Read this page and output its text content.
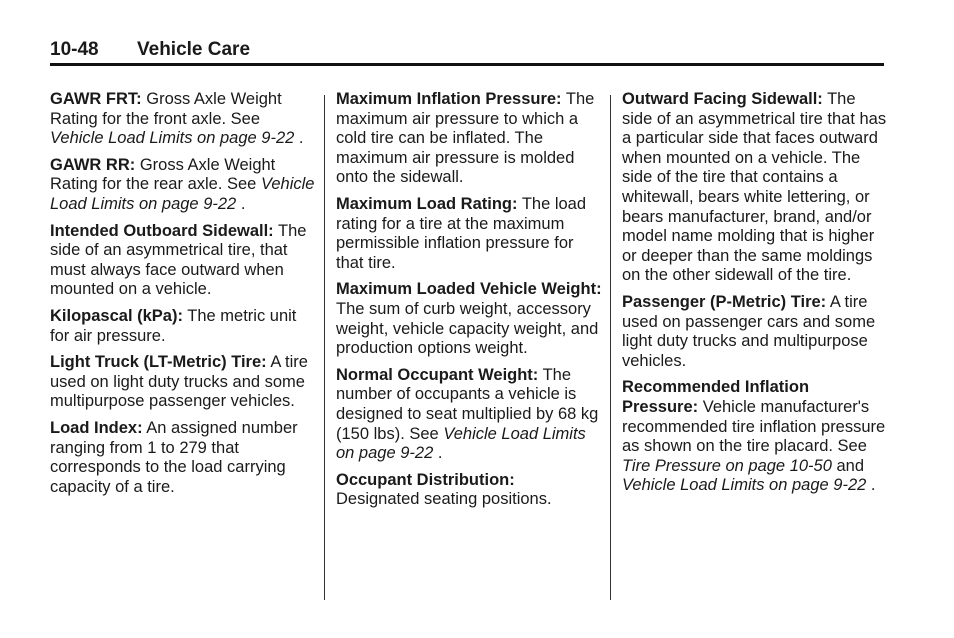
10-48 Vehicle Care

GAWR FRT: Gross Axle Weight Rating for the front axle. See Vehicle Load Limits on page 9-22 .

GAWR RR: Gross Axle Weight Rating for the rear axle. See Vehicle Load Limits on page 9-22 .

Intended Outboard Sidewall: The side of an asymmetrical tire, that must always face outward when mounted on a vehicle.

Kilopascal (kPa): The metric unit for air pressure.

Light Truck (LT-Metric) Tire: A tire used on light duty trucks and some multipurpose passenger vehicles.

Load Index: An assigned number ranging from 1 to 279 that corresponds to the load carrying capacity of a tire.

Maximum Inflation Pressure: The maximum air pressure to which a cold tire can be inflated. The maximum air pressure is molded onto the sidewall.

Maximum Load Rating: The load rating for a tire at the maximum permissible inflation pressure for that tire.

Maximum Loaded Vehicle Weight: The sum of curb weight, accessory weight, vehicle capacity weight, and production options weight.

Normal Occupant Weight: The number of occupants a vehicle is designed to seat multiplied by 68 kg (150 lbs). See Vehicle Load Limits on page 9-22 .

Occupant Distribution: Designated seating positions.

Outward Facing Sidewall: The side of an asymmetrical tire that has a particular side that faces outward when mounted on a vehicle. The side of the tire that contains a whitewall, bears white lettering, or bears manufacturer, brand, and/or model name molding that is higher or deeper than the same moldings on the other sidewall of the tire.

Passenger (P-Metric) Tire: A tire used on passenger cars and some light duty trucks and multipurpose vehicles.

Recommended Inflation Pressure: Vehicle manufacturer's recommended tire inflation pressure as shown on the tire placard. See Tire Pressure on page 10-50 and Vehicle Load Limits on page 9-22 .
